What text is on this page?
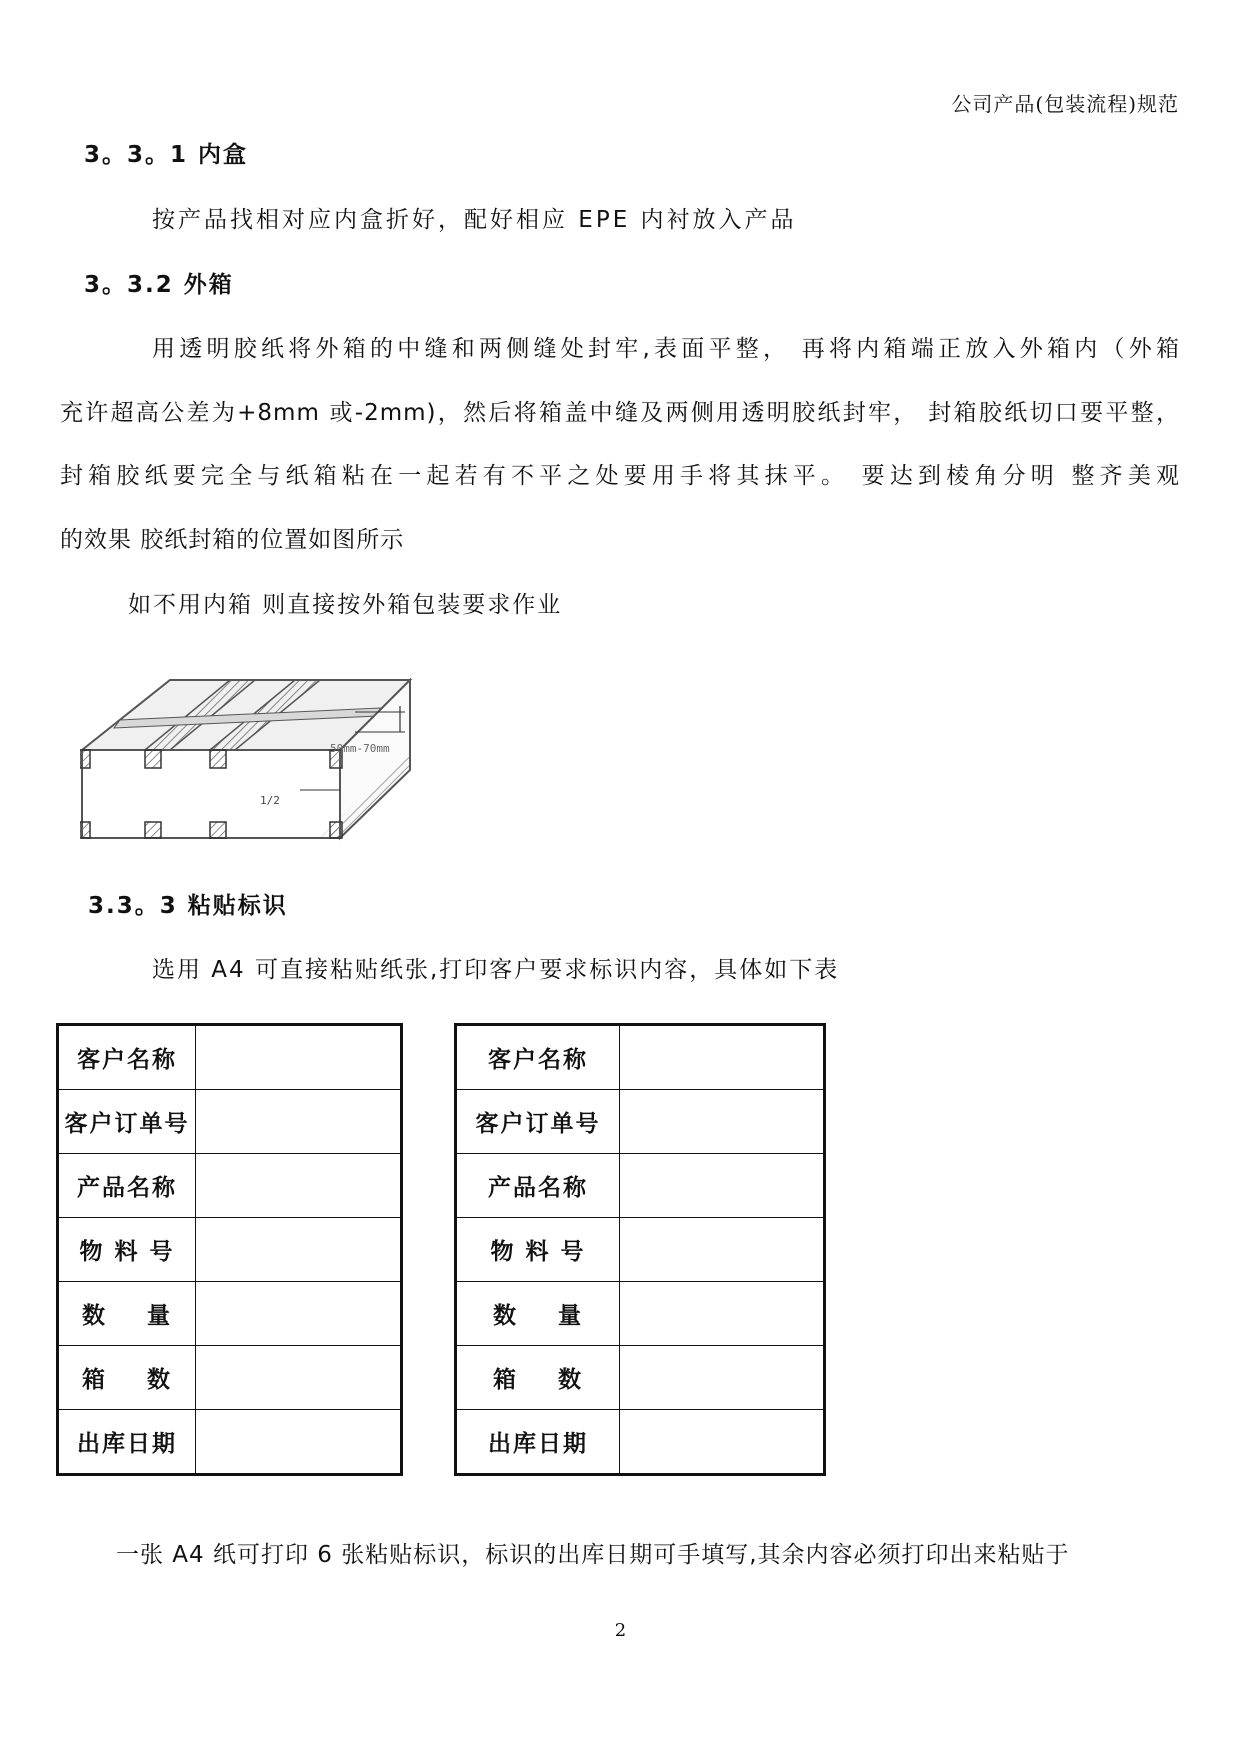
公司产品(包装流程)规范
3。3。1 内盒
按产品找相对应内盒折好，配好相应 EPE 内衬放入产品
3。3.2 外箱
用透明胶纸将外箱的中缝和两侧缝处封牢,表面平整， 再将内箱端正放入外箱内（外箱
充许超高公差为+8mm 或-2mm)，然后将箱盖中缝及两侧用透明胶纸封牢， 封箱胶纸切口要平整，
封箱胶纸要完全与纸箱粘在一起若有不平之处要用手将其抹平。 要达到棱角分明 整齐美观
的效果 胶纸封箱的位置如图所示
如不用内箱 则直接按外箱包装要求作业
50mm-70mm
1/2
3.3。3 粘贴标识
选用 A4 可直接粘贴纸张,打印客户要求标识内容，具体如下表
客户名称	
客户订单号	
产品名称	
物 料 号	
数    量	
箱    数	
出库日期	
客户名称	
客户订单号	
产品名称	
物 料 号	
数    量	
箱    数	
出库日期	
一张 A4 纸可打印 6 张粘贴标识，标识的出库日期可手填写,其余内容必须打印出来粘贴于
2
